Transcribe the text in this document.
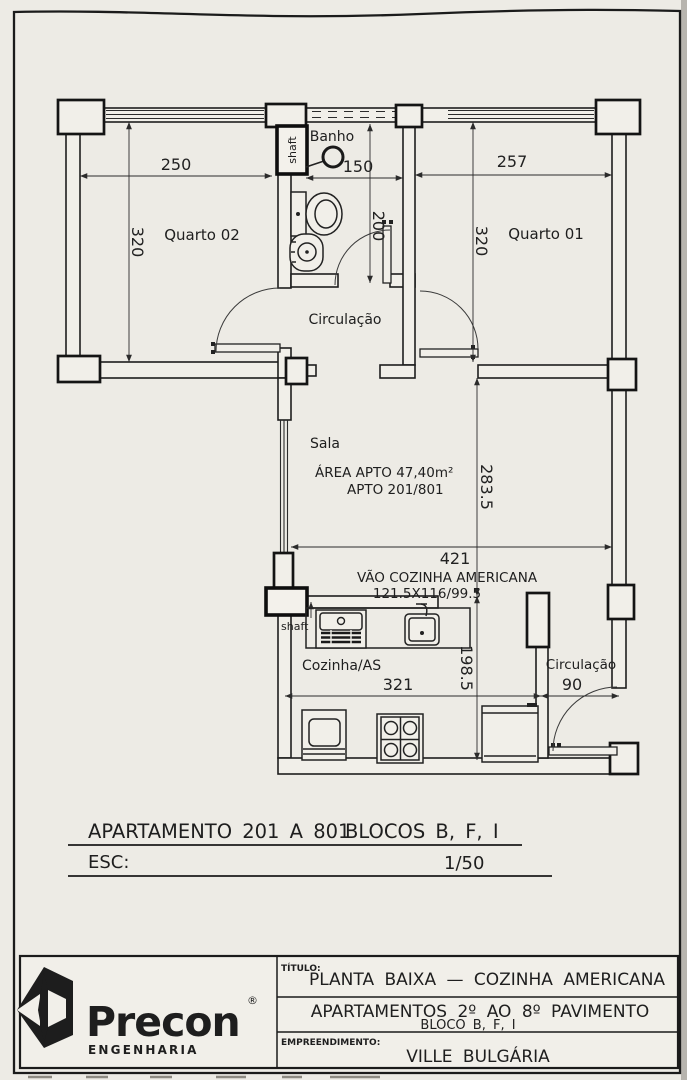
shaft
shaft
250	150	257
320	320
200
283.5
198.5
421
321	90
Quarto 02	Quarto 01
Banho
Circulação
Sala
Cozinha/AS	Circulação
ÁREA APTO 47,40m²
APTO 201/801
VÃO COZINHA AMERICANA
121.5X116/99.5
APARTAMENTO 201 A 801
BLOCOS B, F, I
ESC:	1/50
Precon ®
ENGENHARIA
TÍTULO:
PLANTA BAIXA — COZINHA AMERICANA
APARTAMENTOS 2º AO 8º PAVIMENTO
BLOCO B, F, I
EMPREENDIMENTO:
VILLE BULGÁRIA
